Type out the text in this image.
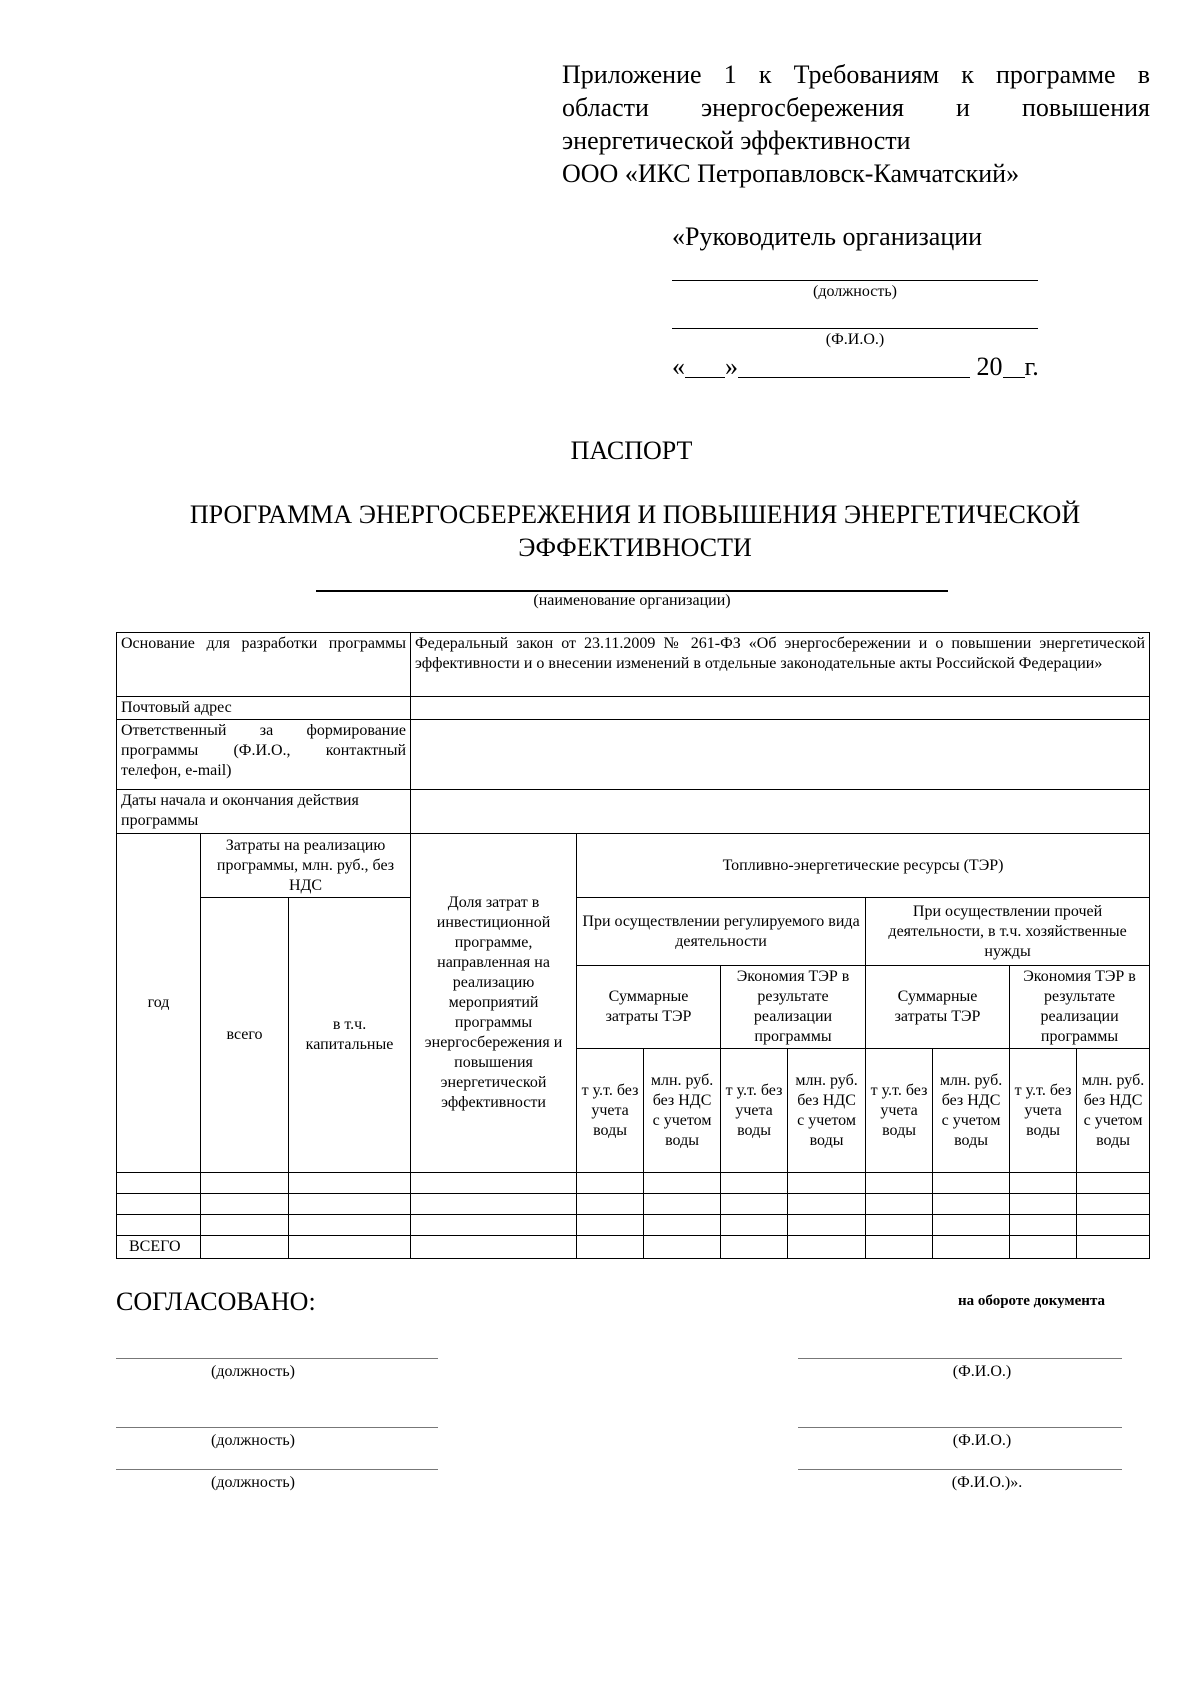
Приложение 1 к Требованиям к программе в
области энергосбережения и повышения
энергетической эффективности
ООО «ИКС Петропавловск-Камчатский»
«Руководитель организации
(должность)
(Ф.И.О.)
« »	20 г.
ПАСПОРТ
ПРОГРАММА ЭНЕРГОСБЕРЕЖЕНИЯ И ПОВЫШЕНИЯ ЭНЕРГЕТИЧЕСКОЙ
ЭФФЕКТИВНОСТИ
(наименование организации)
Основание для разработки программы			Федеральный закон от 23.11.2009 № 261-ФЗ «Об энергосбережении и о повышении энергетической эффективности и о внесении изменений в отдельные законодательные акты Российской Федерации»								
Почтовый адрес											
Ответственный за формирование программы (Ф.И.О., контактный телефон, e-mail)											
Даты начала и окончания действия программы											
год	Затраты на реализацию программы, млн. руб., без НДС		Доля затрат в инвестиционной программе, направленная на реализацию мероприятий программы энергосбережения и повышения энергетической эффективности	Топливно-энергетические ресурсы (ТЭР)							
	всего	в т.ч. капитальные		При осуществлении регулируемого вида деятельности				При осуществлении прочей деятельности, в т.ч. хозяйственные нужды			
				Суммарные затраты ТЭР		Экономия ТЭР в результате реализации программы		Суммарные затраты ТЭР		Экономия ТЭР в результате реализации программы	
				т у.т. без учета воды	млн. руб. без НДС с учетом воды	т у.т. без учета воды	млн. руб. без НДС с учетом воды	т у.т. без учета воды	млн. руб. без НДС с учетом воды	т у.т. без учета воды	млн. руб. без НДС с учетом воды

ВСЕГО											
СОГЛАСОВАНО:	на обороте документа
(должность)	(Ф.И.О.)
(должность)	(Ф.И.О.)
(должность)	(Ф.И.О.)».
